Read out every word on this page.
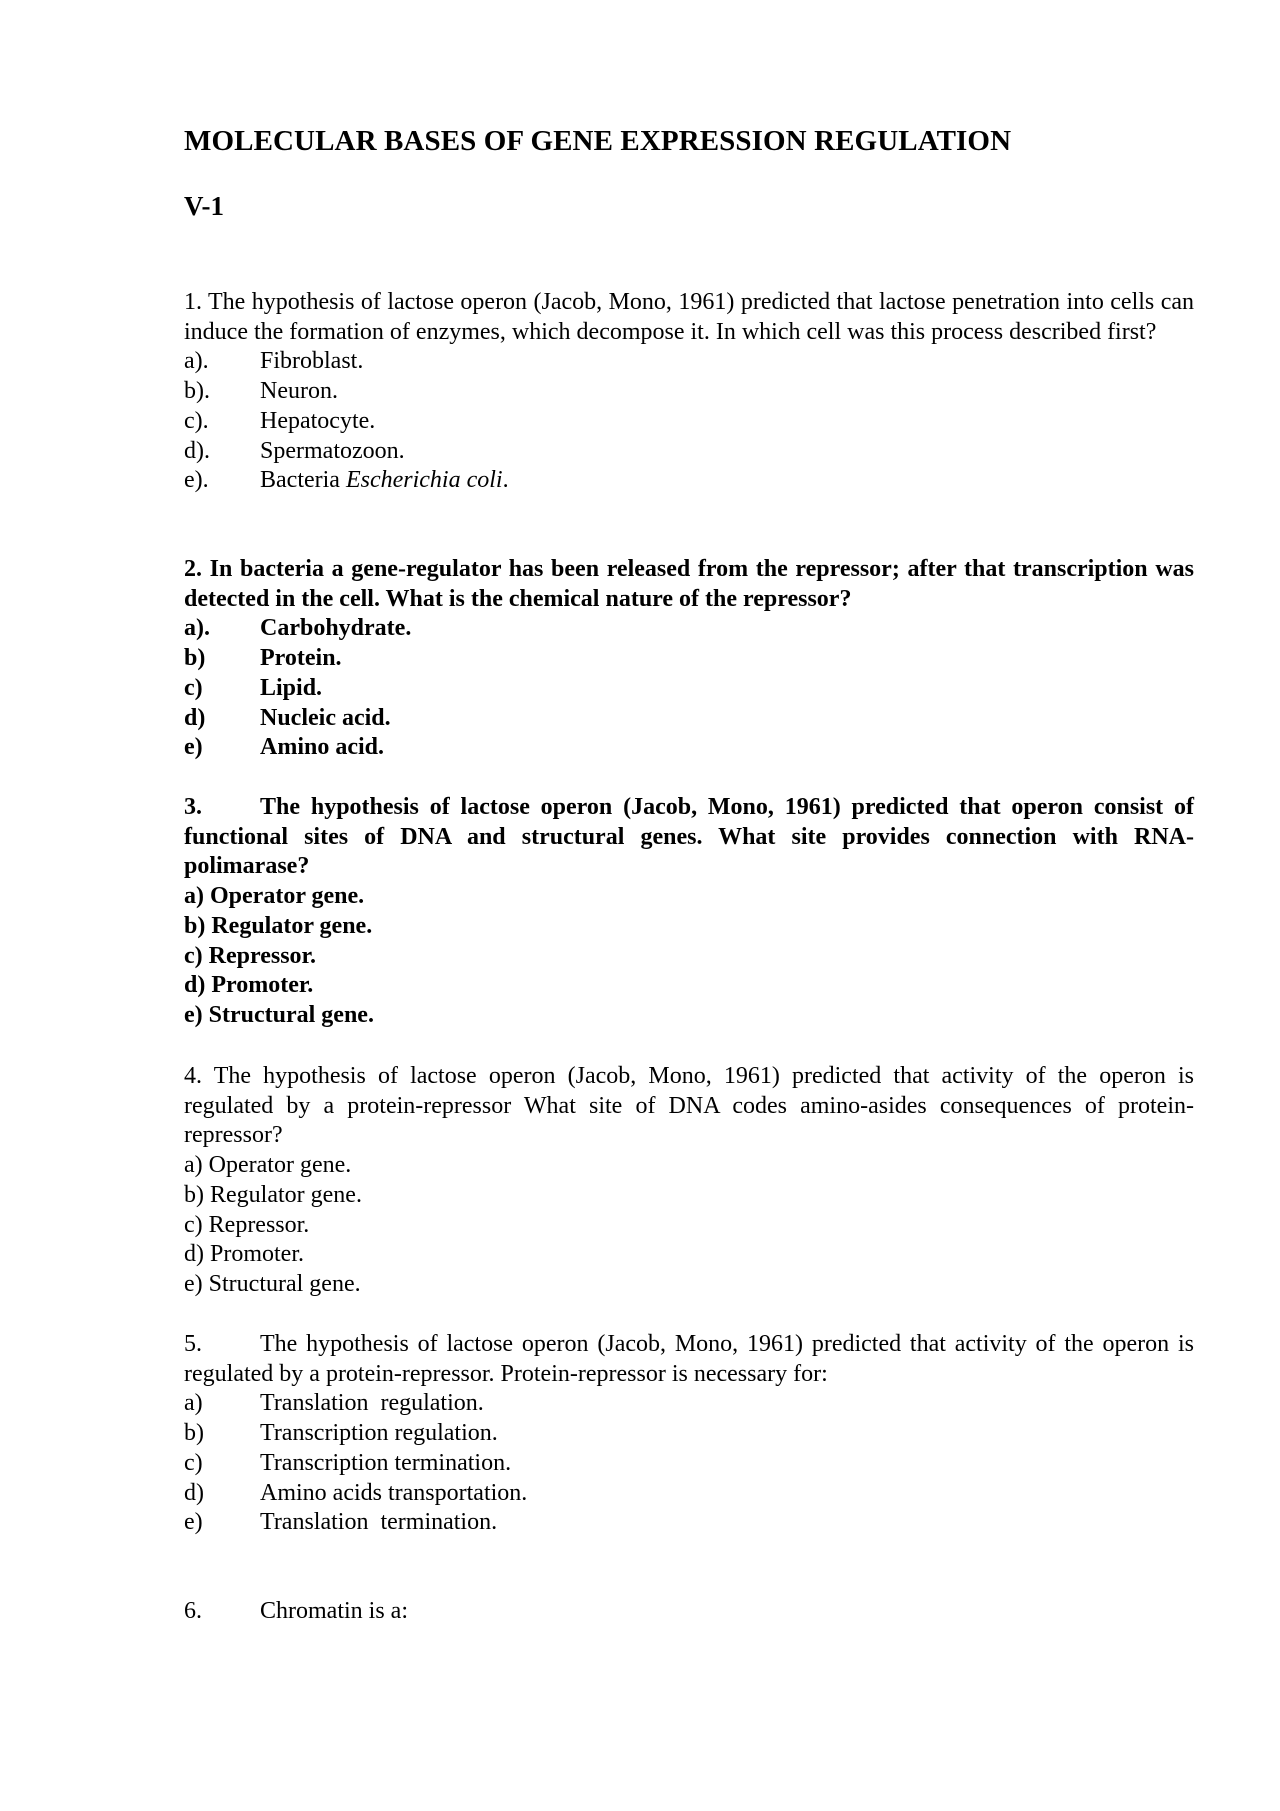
MOLECULAR BASES OF GENE EXPRESSION REGULATION
V-1

1. The hypothesis of lactose operon (Jacob, Mono, 1961) predicted that lactose penetration into cells can induce the formation of enzymes, which decompose it. In which cell was this process described first?

a). Fibroblast.
b). Neuron.
c). Hepatocyte.
d). Spermatozoon.
e). Bacteria Escherichia coli.

2. In bacteria a gene-regulator has been released from the repressor; after that transcription was detected in the cell. What is the chemical nature of the repressor?

a). Carbohydrate.
b) Protein.
c) Lipid.
d) Nucleic acid.
e) Amino acid.

3. The hypothesis of lactose operon (Jacob, Mono, 1961) predicted that operon consist of functional sites of DNA and structural genes. What site provides connection with RNA-polimarase?

a) Operator gene.
b) Regulator gene.
c) Repressor.
d) Promoter.
e) Structural gene.

4. The hypothesis of lactose operon (Jacob, Mono, 1961) predicted that activity of the operon is regulated by a protein-repressor What site of DNA codes amino-asides consequences of protein-repressor?

a) Operator gene.
b) Regulator gene.
c) Repressor.
d) Promoter.
e) Structural gene.

5. The hypothesis of lactose operon (Jacob, Mono, 1961) predicted that activity of the operon is regulated by a protein-repressor. Protein-repressor is necessary for:

a) Translation  regulation.
b) Transcription regulation.
c) Transcription termination.
d) Amino acids transportation.
e) Translation  termination.

6. Chromatin is a:
